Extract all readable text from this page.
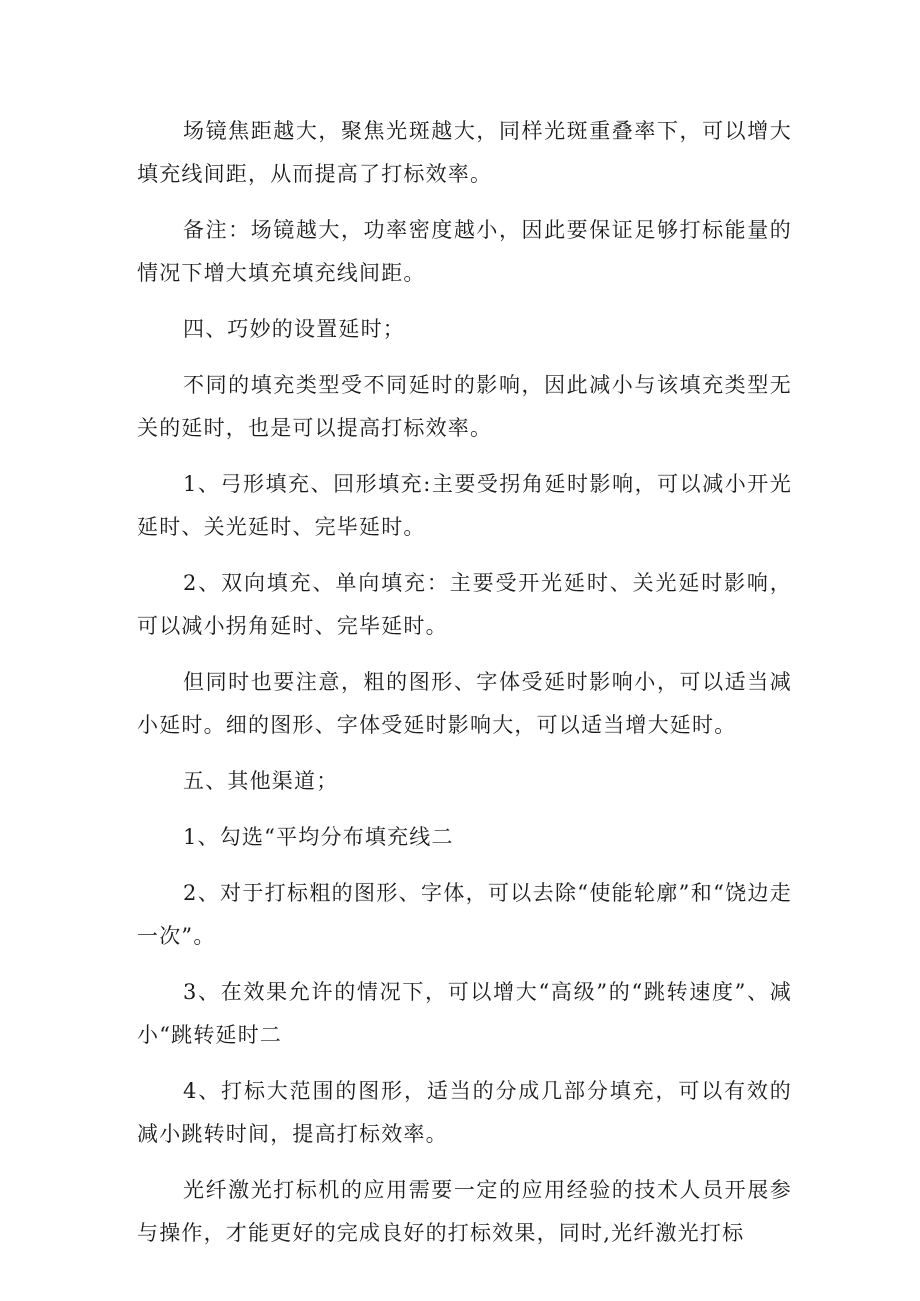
场镜焦距越大，聚焦光斑越大，同样光斑重叠率下，可以增大填充线间距，从而提高了打标效率。

备注：场镜越大，功率密度越小，因此要保证足够打标能量的情况下增大填充填充线间距。

四、巧妙的设置延时；

不同的填充类型受不同延时的影响，因此减小与该填充类型无关的延时，也是可以提高打标效率。

1、弓形填充、回形填充:主要受拐角延时影响，可以减小开光延时、关光延时、完毕延时。

2、双向填充、单向填充：主要受开光延时、关光延时影响，可以减小拐角延时、完毕延时。

但同时也要注意，粗的图形、字体受延时影响小，可以适当减小延时。细的图形、字体受延时影响大，可以适当增大延时。

五、其他渠道；

1、勾选“平均分布填充线二

2、对于打标粗的图形、字体，可以去除“使能轮廓”和“饶边走一次”。

3、在效果允许的情况下，可以增大“高级”的“跳转速度”、减小“跳转延时二

4、打标大范围的图形，适当的分成几部分填充，可以有效的减小跳转时间，提高打标效率。

光纤激光打标机的应用需要一定的应用经验的技术人员开展参与操作，才能更好的完成良好的打标效果，同时,光纤激光打标
